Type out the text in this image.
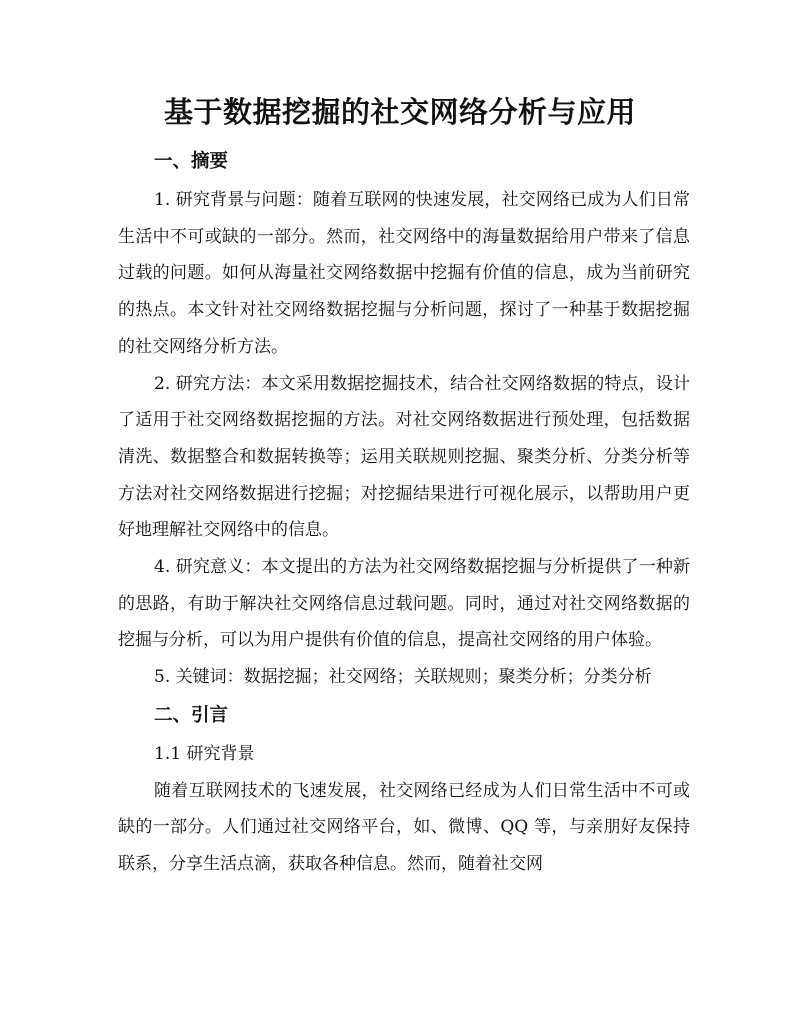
基于数据挖掘的社交网络分析与应用
一、摘要

1. 研究背景与问题：随着互联网的快速发展，社交网络已成为人们日常生活中不可或缺的一部分。然而，社交网络中的海量数据给用户带来了信息过载的问题。如何从海量社交网络数据中挖掘有价值的信息，成为当前研究的热点。本文针对社交网络数据挖掘与分析问题，探讨了一种基于数据挖掘的社交网络分析方法。

2. 研究方法：本文采用数据挖掘技术，结合社交网络数据的特点，设计了适用于社交网络数据挖掘的方法。对社交网络数据进行预处理，包括数据清洗、数据整合和数据转换等；运用关联规则挖掘、聚类分析、分类分析等方法对社交网络数据进行挖掘；对挖掘结果进行可视化展示，以帮助用户更好地理解社交网络中的信息。

4. 研究意义：本文提出的方法为社交网络数据挖掘与分析提供了一种新的思路，有助于解决社交网络信息过载问题。同时，通过对社交网络数据的挖掘与分析，可以为用户提供有价值的信息，提高社交网络的用户体验。

5. 关键词：数据挖掘；社交网络；关联规则；聚类分析；分类分析

二、引言

1.1 研究背景

随着互联网技术的飞速发展，社交网络已经成为人们日常生活中不可或缺的一部分。人们通过社交网络平台，如、微博、QQ 等，与亲朋好友保持联系，分享生活点滴，获取各种信息。然而，随着社交网
